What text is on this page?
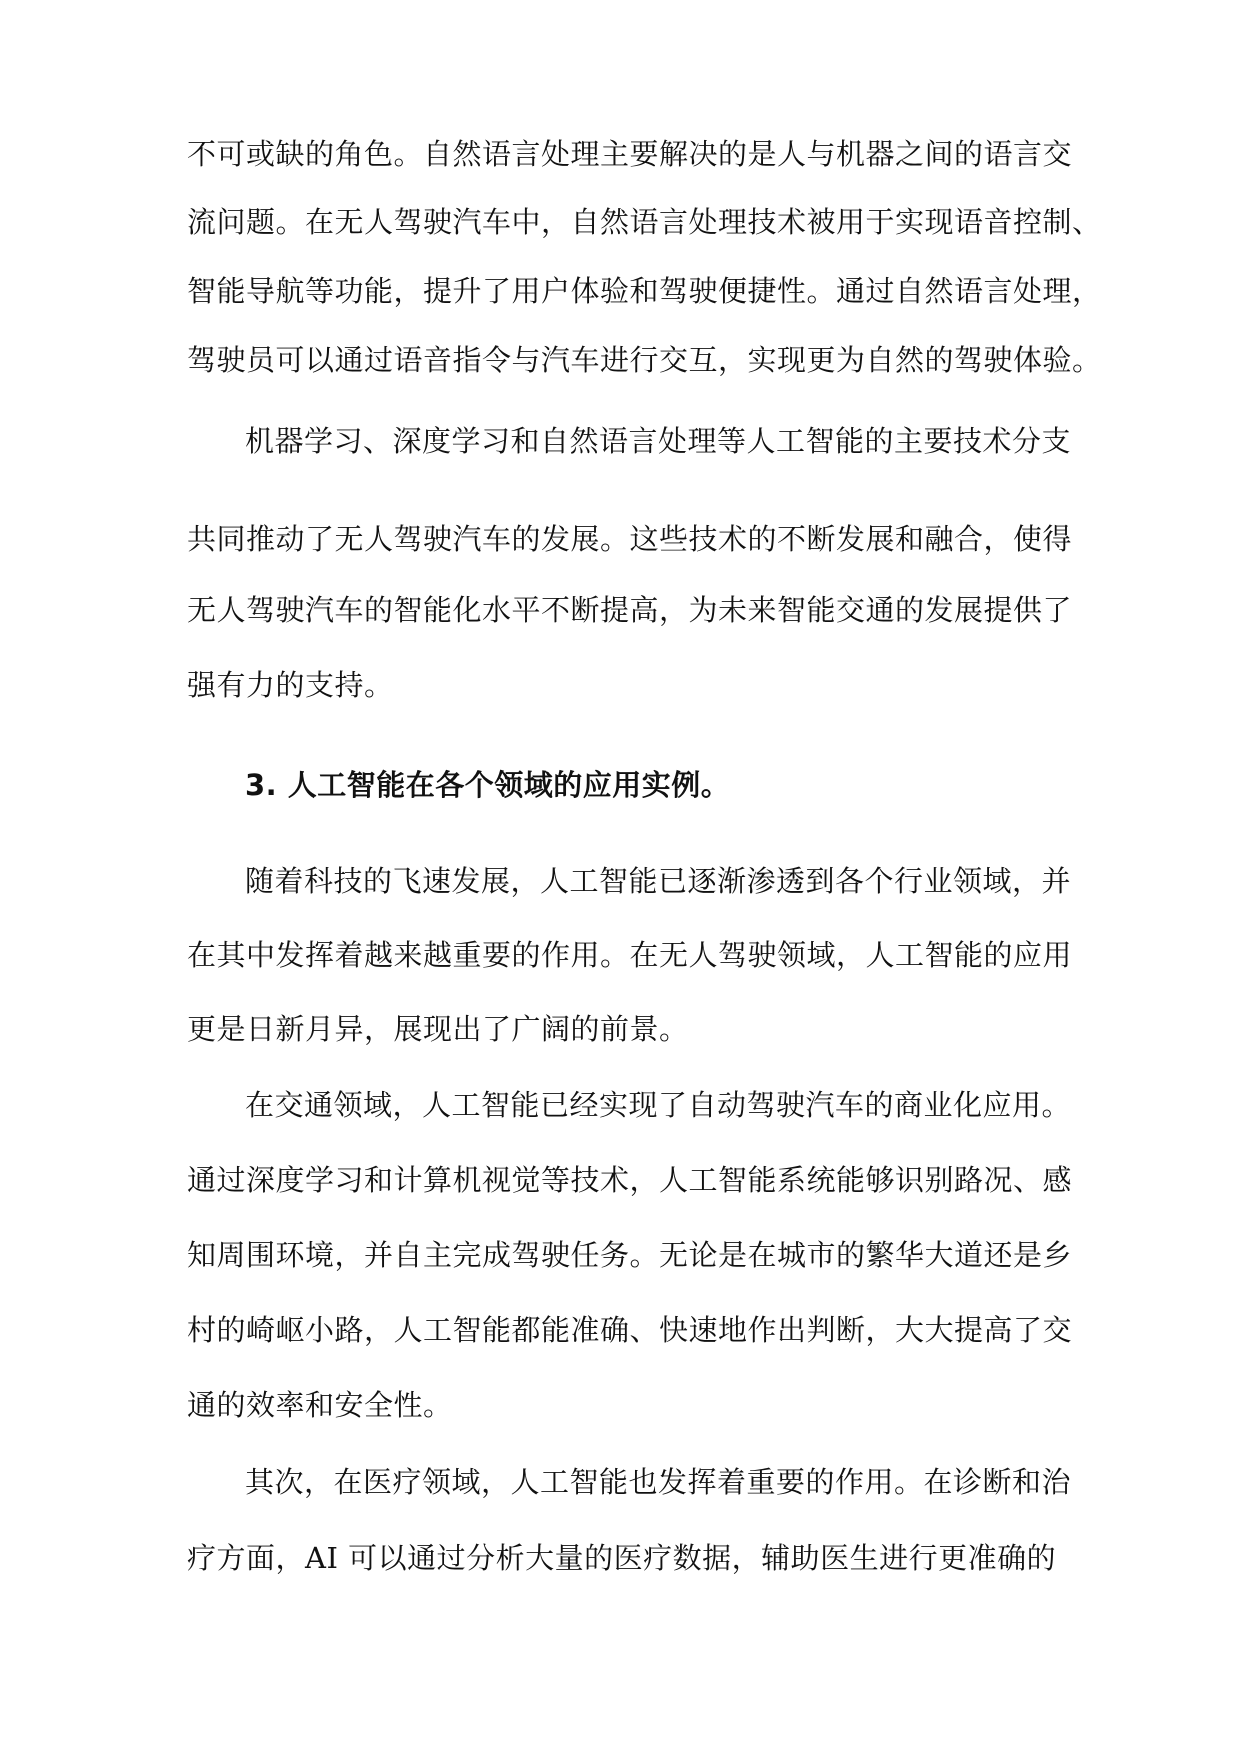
不可或缺的角色。自然语言处理主要解决的是人与机器之间的语言交
流问题。在无人驾驶汽车中，自然语言处理技术被用于实现语音控制、
智能导航等功能，提升了用户体验和驾驶便捷性。通过自然语言处理，
驾驶员可以通过语音指令与汽车进行交互，实现更为自然的驾驶体验。
机器学习、深度学习和自然语言处理等人工智能的主要技术分支
共同推动了无人驾驶汽车的发展。这些技术的不断发展和融合，使得
无人驾驶汽车的智能化水平不断提高，为未来智能交通的发展提供了
强有力的支持。
3. 人工智能在各个领域的应用实例。
随着科技的飞速发展，人工智能已逐渐渗透到各个行业领域，并
在其中发挥着越来越重要的作用。在无人驾驶领域，人工智能的应用
更是日新月异，展现出了广阔的前景。
在交通领域，人工智能已经实现了自动驾驶汽车的商业化应用。
通过深度学习和计算机视觉等技术，人工智能系统能够识别路况、感
知周围环境，并自主完成驾驶任务。无论是在城市的繁华大道还是乡
村的崎岖小路，人工智能都能准确、快速地作出判断，大大提高了交
通的效率和安全性。
其次，在医疗领域，人工智能也发挥着重要的作用。在诊断和治
疗方面，AI 可以通过分析大量的医疗数据，辅助医生进行更准确的
